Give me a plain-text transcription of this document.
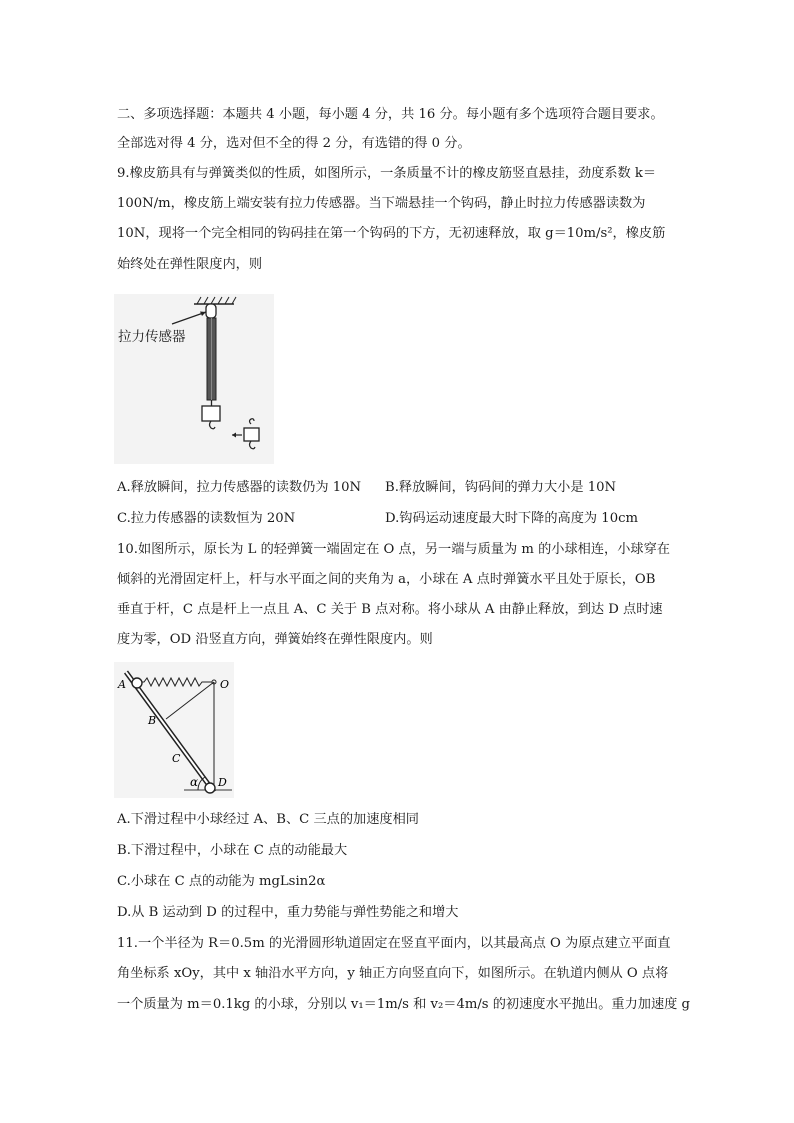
二、多项选择题：本题共 4 小题，每小题 4 分，共 16 分。每小题有多个选项符合题目要求。
全部选对得 4 分，选对但不全的得 2 分，有选错的得 0 分。
9.橡皮筋具有与弹簧类似的性质，如图所示，一条质量不计的橡皮筋竖直悬挂，劲度系数 k＝
100N/m，橡皮筋上端安装有拉力传感器。当下端悬挂一个钩码，静止时拉力传感器读数为
10N，现将一个完全相同的钩码挂在第一个钩码的下方，无初速释放，取 g＝10m/s²，橡皮筋
始终处在弹性限度内，则
拉力传感器
A.释放瞬间，拉力传感器的读数仍为 10N B.释放瞬间，钩码间的弹力大小是 10N
C.拉力传感器的读数恒为 20N	D.钩码运动速度最大时下降的高度为 10cm
10.如图所示，原长为 L 的轻弹簧一端固定在 O 点，另一端与质量为 m 的小球相连，小球穿在
倾斜的光滑固定杆上，杆与水平面之间的夹角为 a，小球在 A 点时弹簧水平且处于原长，OB
垂直于杆，C 点是杆上一点且 A、C 关于 B 点对称。将小球从 A 由静止释放，到达 D 点时速
度为零，OD 沿竖直方向，弹簧始终在弹性限度内。则
A
B
C
D
O
α
A.下滑过程中小球经过 A、B、C 三点的加速度相同
B.下滑过程中，小球在 C 点的动能最大
C.小球在 C 点的动能为 mgLsin2α
D.从 B 运动到 D 的过程中，重力势能与弹性势能之和增大
11.一个半径为 R＝0.5m 的光滑圆形轨道固定在竖直平面内，以其最高点 O 为原点建立平面直
角坐标系 xOy，其中 x 轴沿水平方向，y 轴正方向竖直向下，如图所示。在轨道内侧从 O 点将
一个质量为 m＝0.1kg 的小球，分别以 v₁＝1m/s 和 v₂＝4m/s 的初速度水平抛出。重力加速度 g
